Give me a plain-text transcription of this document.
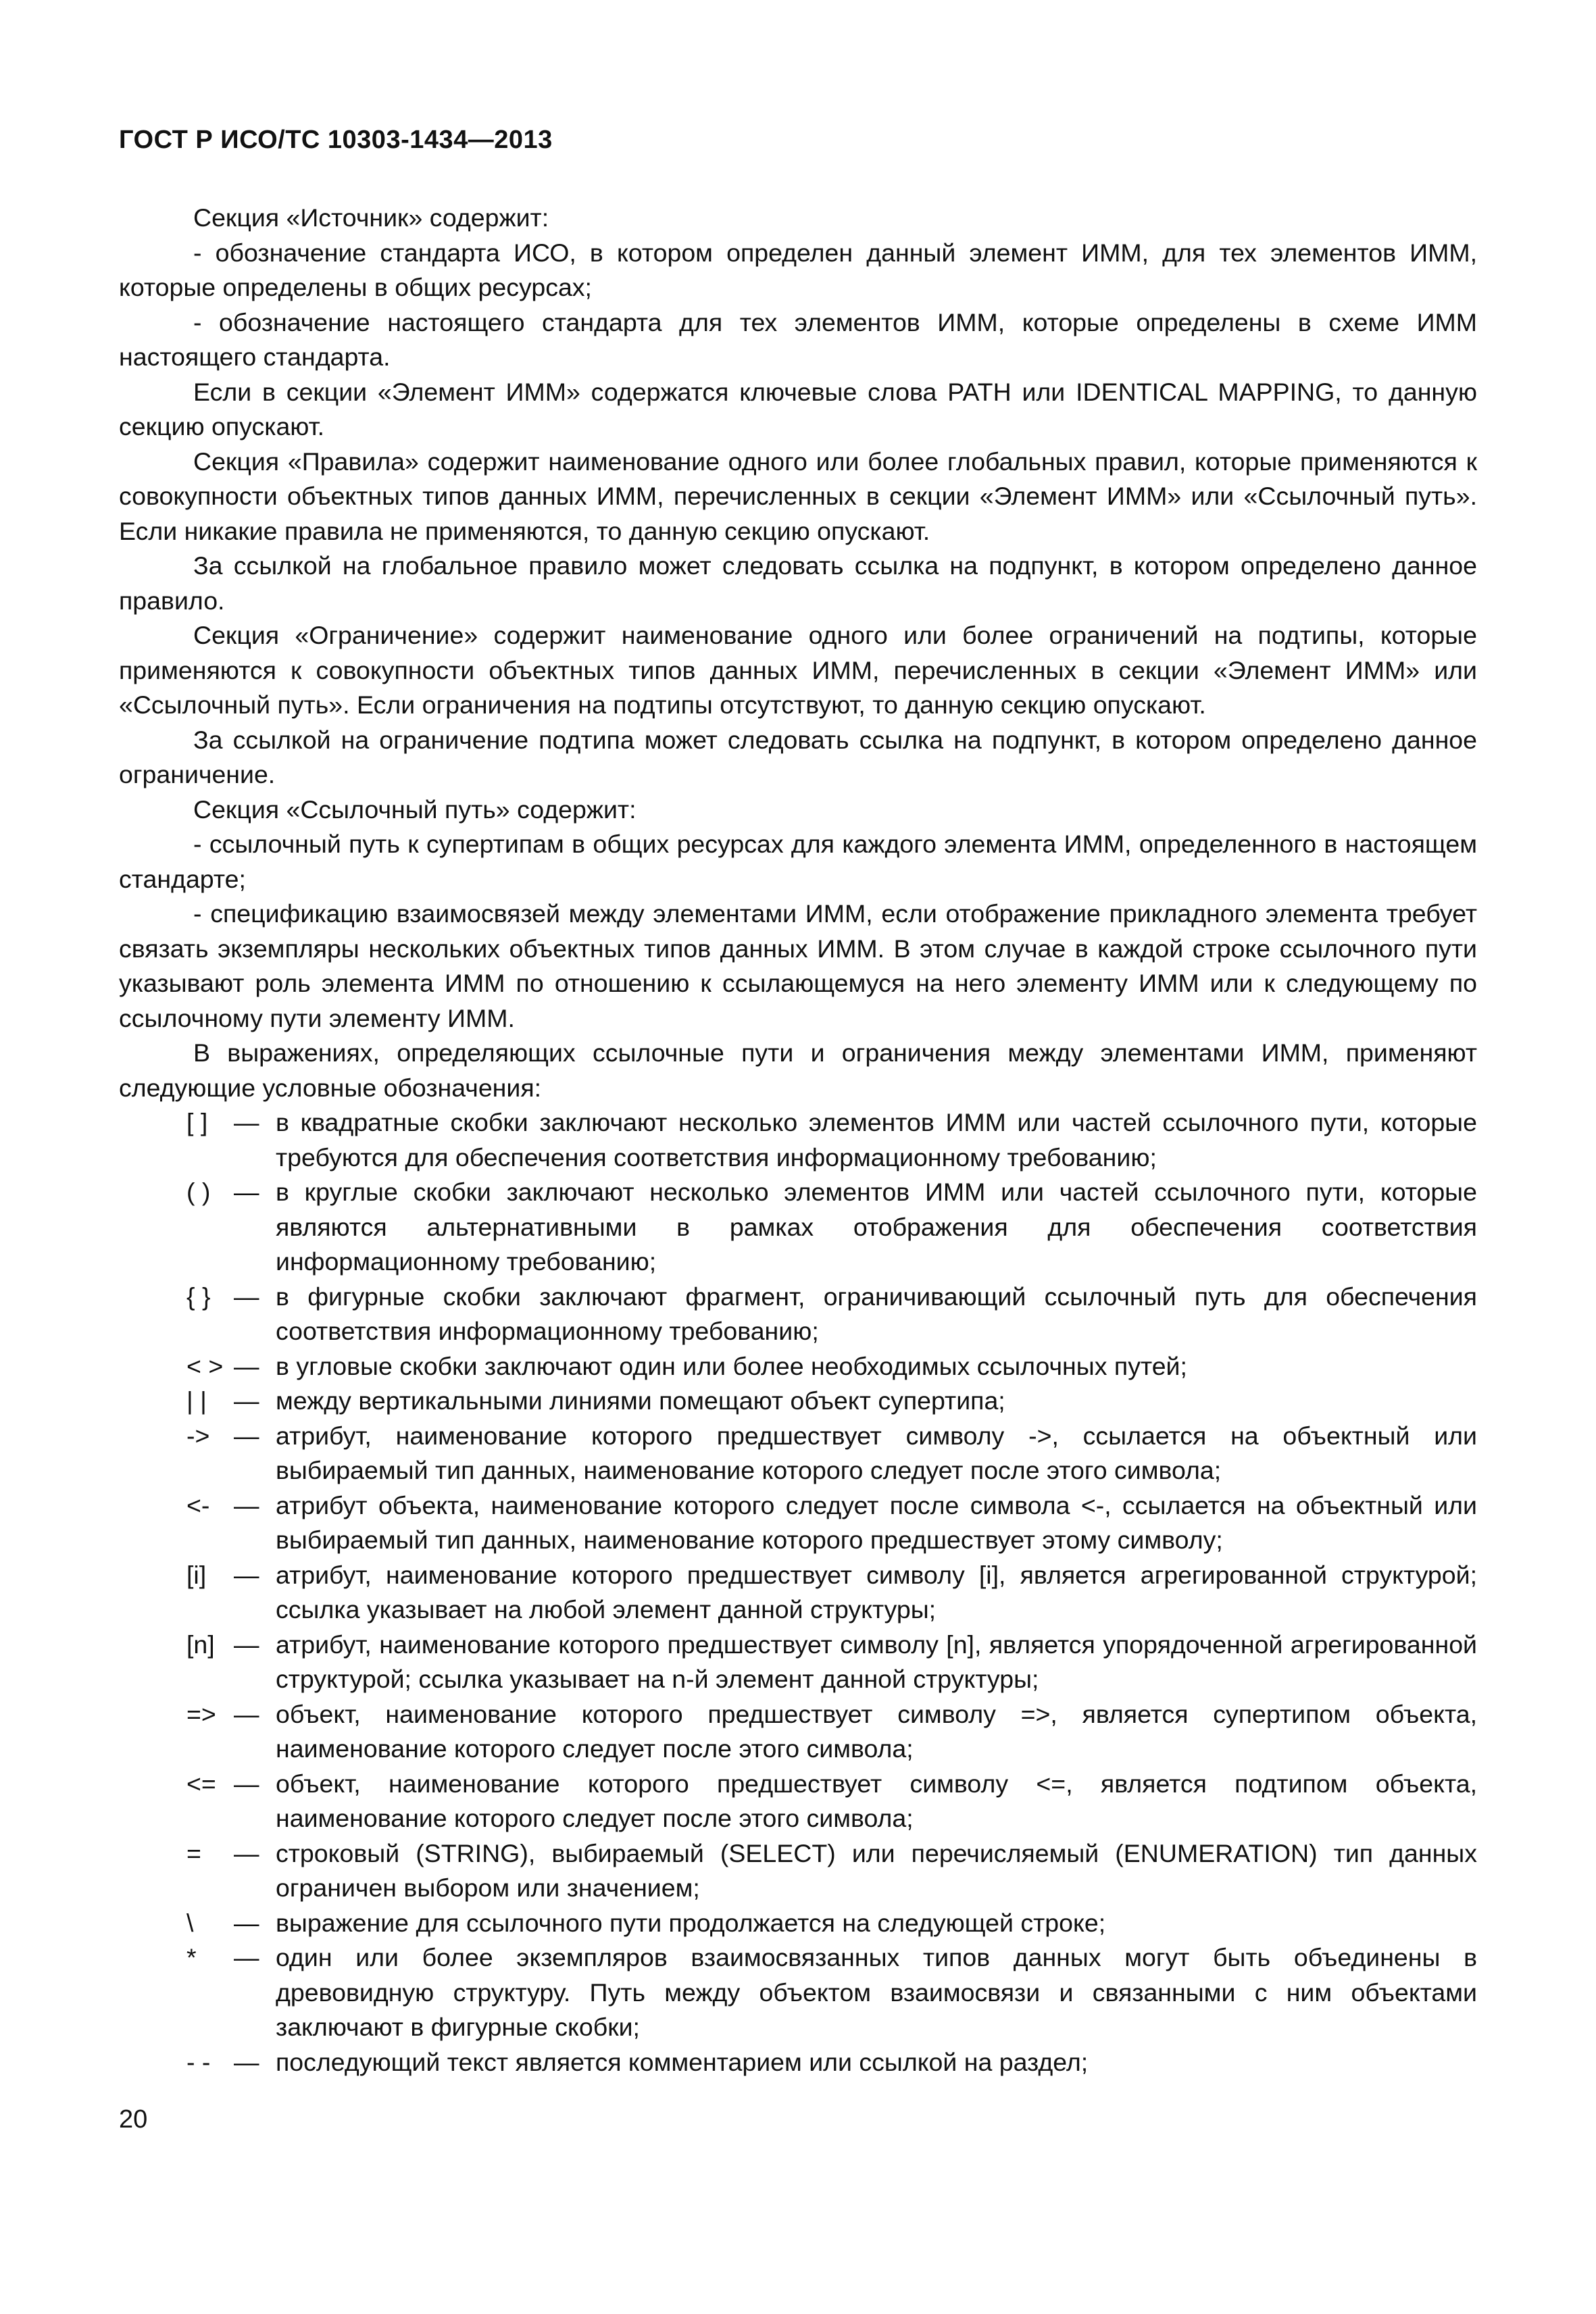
ГОСТ Р ИСО/ТС 10303-1434—2013

Секция «Источник» содержит:

- обозначение стандарта ИСО, в котором определен данный элемент ИММ, для тех элементов ИММ, которые определены в общих ресурсах;

- обозначение настоящего стандарта для тех элементов ИММ, которые определены в схеме ИММ настоящего стандарта.

Если в секции «Элемент ИММ» содержатся ключевые слова PATH или IDENTICAL MAPPING, то данную секцию опускают.

Секция «Правила» содержит наименование одного или более глобальных правил, которые применяются к совокупности объектных типов данных ИММ, перечисленных в секции «Элемент ИММ» или «Ссылочный путь». Если никакие правила не применяются, то данную секцию опускают.

За ссылкой на глобальное правило может следовать ссылка на подпункт, в котором определено данное правило.

Секция «Ограничение» содержит наименование одного или более ограничений на подтипы, которые применяются к совокупности объектных типов данных ИММ, перечисленных в секции «Элемент ИММ» или «Ссылочный путь». Если ограничения на подтипы отсутствуют, то данную секцию опускают.

За ссылкой на ограничение подтипа может следовать ссылка на подпункт, в котором определено данное ограничение.

Секция «Ссылочный путь» содержит:

- ссылочный путь к супертипам в общих ресурсах для каждого элемента ИММ, определенного в настоящем стандарте;

- спецификацию взаимосвязей между элементами ИММ, если отображение прикладного элемента требует связать экземпляры нескольких объектных типов данных ИММ. В этом случае в каждой строке ссылочного пути указывают роль элемента ИММ по отношению к ссылающемуся на него элементу ИММ или к следующему по ссылочному пути элементу ИММ.

В выражениях, определяющих ссылочные пути и ограничения между элементами ИММ, применяют следующие условные обозначения:

[ ]	— в квадратные скобки заключают несколько элементов ИММ или частей ссылочного пути, которые требуются для обеспечения соответствия информационному требованию;
( ) — в круглые скобки заключают несколько элементов ИММ или частей ссылочного пути, которые являются альтернативными в рамках отображения для обеспечения соответствия информационному требованию;
{ } — в фигурные скобки заключают фрагмент, ограничивающий ссылочный путь для обеспечения соответствия информационному требованию;
< > — в угловые скобки заключают один или более необходимых ссылочных путей;
| |	— между вертикальными линиями помещают объект супертипа;
-> — атрибут, наименование которого предшествует символу ->, ссылается на объектный или выбираемый тип данных, наименование которого следует после этого символа;
<- — атрибут объекта, наименование которого следует после символа <-, ссылается на объектный или выбираемый тип данных, наименование которого предшествует этому символу;
[i]	— атрибут, наименование которого предшествует символу [i], является агрегированной структурой; ссылка указывает на любой элемент данной структуры;
[n] — атрибут, наименование которого предшествует символу [n], является упорядоченной агрегированной структурой; ссылка указывает на n-й элемент данной структуры;
=> — объект, наименование которого предшествует символу =>, является супертипом объекта, наименование которого следует после этого символа;
<= — объект, наименование которого предшествует символу <=, является подтипом объекта, наименование которого следует после этого символа;
=	— строковый (STRING), выбираемый (SELECT) или перечисляемый (ENUMERATION) тип данных ограничен выбором или значением;
\	— выражение для ссылочного пути продолжается на следующей строке;
*	— один или более экземпляров взаимосвязанных типов данных могут быть объединены в древовидную структуру. Путь между объектом взаимосвязи и связанными с ним объектами заключают в фигурные скобки;
- - — последующий текст является комментарием или ссылкой на раздел;
20
